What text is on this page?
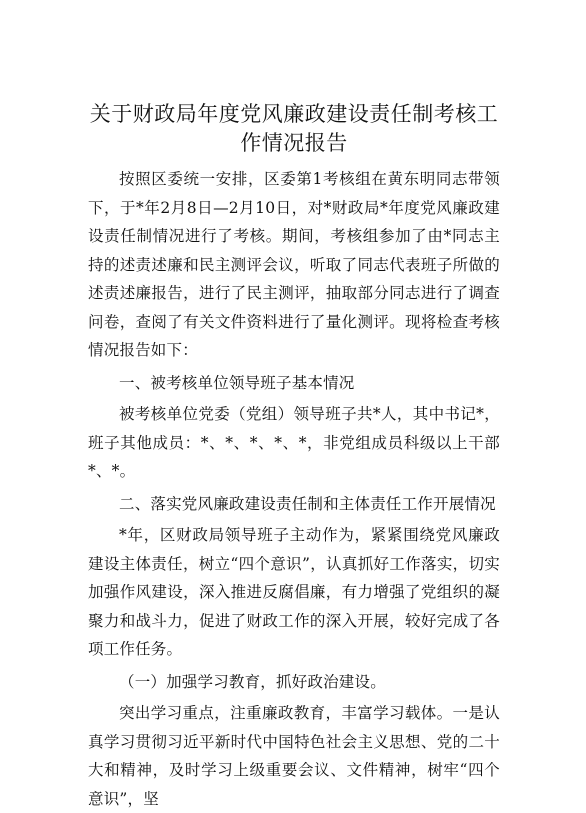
关于财政局年度党风廉政建设责任制考核工作情况报告

按照区委统一安排，区委第1考核组在黄东明同志带领下，于*年2月8日—2月10日，对*财政局*年度党风廉政建设责任制情况进行了考核。期间，考核组参加了由*同志主持的述责述廉和民主测评会议，听取了同志代表班子所做的述责述廉报告，进行了民主测评，抽取部分同志进行了调查问卷，查阅了有关文件资料进行了量化测评。现将检查考核情况报告如下：

一、被考核单位领导班子基本情况

被考核单位党委（党组）领导班子共*人，其中书记*，班子其他成员：*、*、*、*、*，非党组成员科级以上干部*、*。

二、落实党风廉政建设责任制和主体责任工作开展情况

*年，区财政局领导班子主动作为，紧紧围绕党风廉政建设主体责任，树立“四个意识”，认真抓好工作落实，切实加强作风建设，深入推进反腐倡廉，有力增强了党组织的凝聚力和战斗力，促进了财政工作的深入开展，较好完成了各项工作任务。

（一）加强学习教育，抓好政治建设。

突出学习重点，注重廉政教育，丰富学习载体。一是认真学习贯彻习近平新时代中国特色社会主义思想、党的二十大和精神，及时学习上级重要会议、文件精神，树牢“四个意识”，坚
